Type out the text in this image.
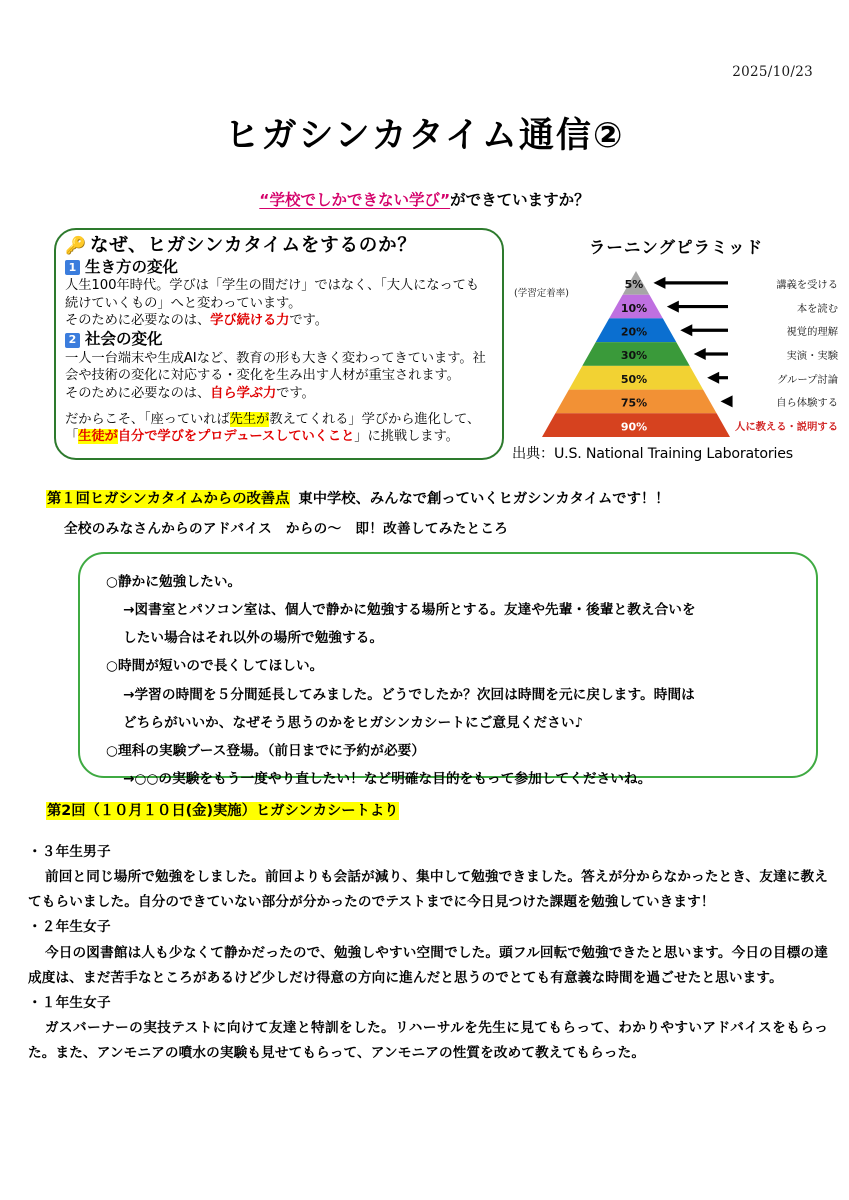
2025/10/23
ヒガシンカタイム通信②
“学校でしかできない学び”ができていますか？
🔑 なぜ、ヒガシンカタイムをするのか？
1 生き方の変化
人生100年時代。学びは「学生の間だけ」ではなく、「大人になっても
続けていくもの」へと変わっています。
そのために必要なのは、学び続ける力です。
2 社会の変化
一人一台端末や生成AIなど、教育の形も大きく変わってきています。社
会や技術の変化に対応する・変化を生み出す人材が重宝されます。
そのために必要なのは、自ら学ぶ力です。
だからこそ、「座っていれば先生が教えてくれる」学びから進化して、
「生徒が自分で学びをプロデュースしていくこと」に挑戦します。
ラーニングピラミッド
(学習定着率)
5%
10%
20%
30%
50%
75%
90%
講義を受ける
本を読む
視覚的理解
実演・実験
グループ討論
自ら体験する
人に教える・説明する
出典：U.S. National Training Laboratories
第１回ヒガシンカタイムからの改善点 東中学校、みんなで創っていくヒガシンカタイムです！！
全校のみなさんからのアドバイス　からの～　即！改善してみたところ
○静かに勉強したい。
→図書室とパソコン室は、個人で静かに勉強する場所とする。友達や先輩・後輩と教え合いを
したい場合はそれ以外の場所で勉強する。
○時間が短いので長くしてほしい。
→学習の時間を５分間延長してみました。どうでしたか？次回は時間を元に戻します。時間は
どちらがいいか、なぜそう思うのかをヒガシンカシートにご意見ください♪
○理科の実験ブース登場。（前日までに予約が必要）
→○○の実験をもう一度やり直したい！など明確な目的をもって参加してくださいね。
第2回（１０月１０日(金)実施）ヒガシンカシートより
・３年生男子
前回と同じ場所で勉強をしました。前回よりも会話が減り、集中して勉強できました。答えが分からなかったとき、友達に教えてもらいました。自分のできていない部分が分かったのでテストまでに今日見つけた課題を勉強していきます！
・２年生女子
今日の図書館は人も少なくて静かだったので、勉強しやすい空間でした。頭フル回転で勉強できたと思います。今日の目標の達成度は、まだ苦手なところがあるけど少しだけ得意の方向に進んだと思うのでとても有意義な時間を過ごせたと思います。
・１年生女子
ガスバーナーの実技テストに向けて友達と特訓をした。リハーサルを先生に見てもらって、わかりやすいアドバイスをもらった。また、アンモニアの噴水の実験も見せてもらって、アンモニアの性質を改めて教えてもらった。
